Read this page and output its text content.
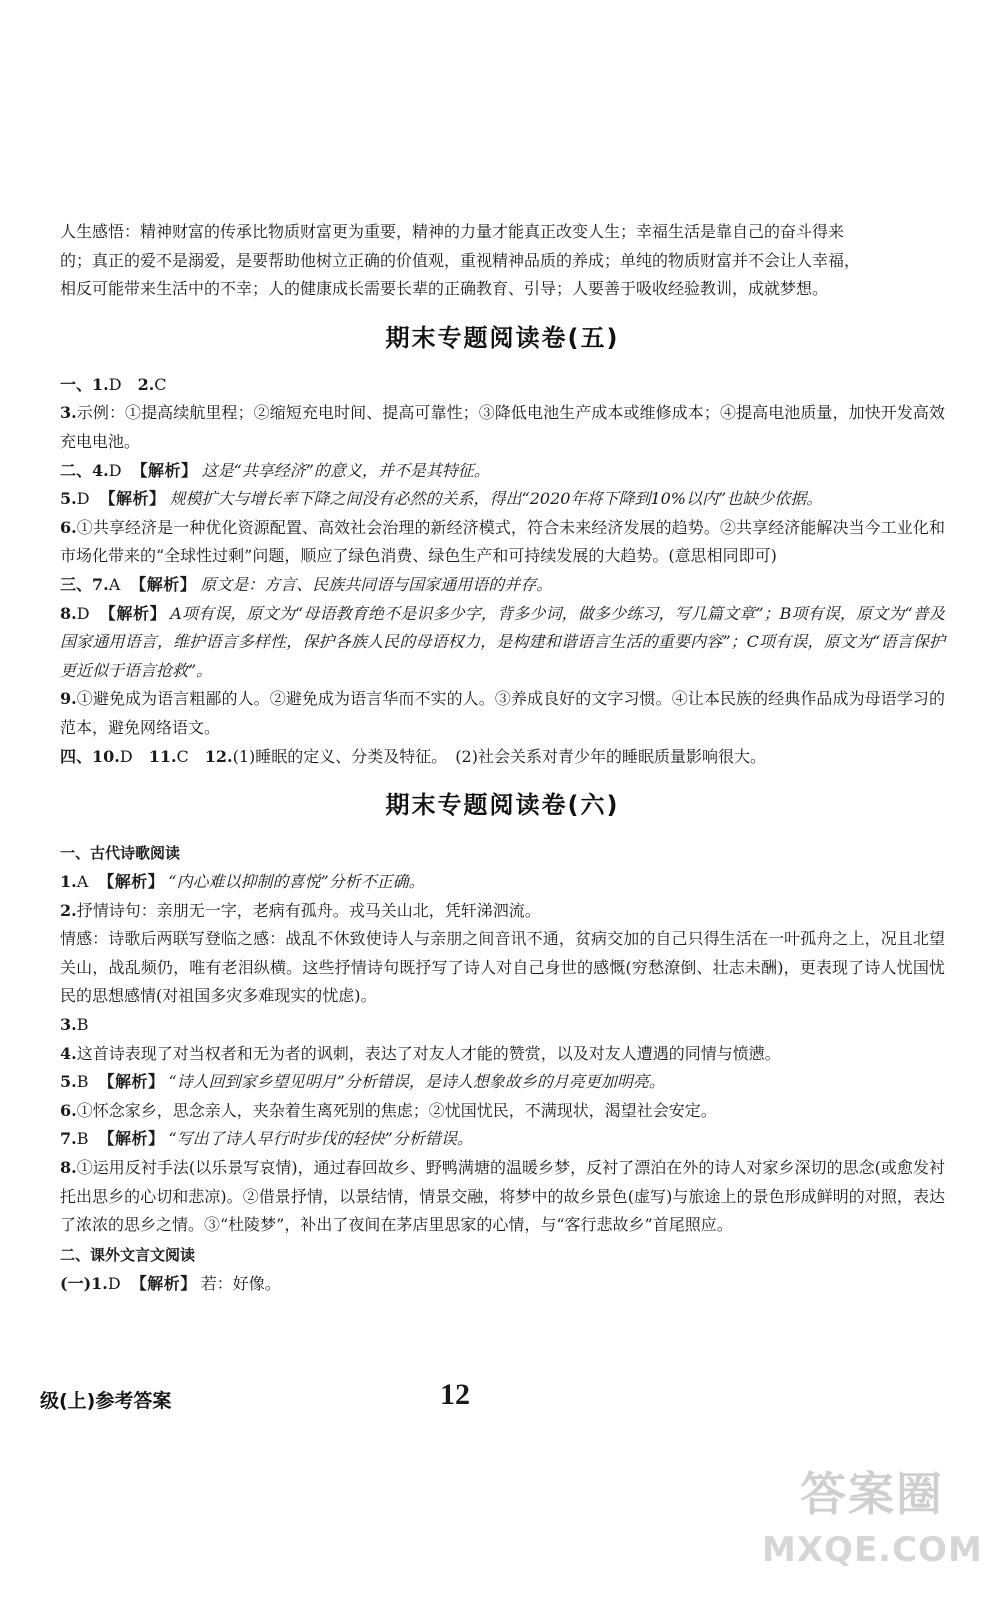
人生感悟：精神财富的传承比物质财富更为重要，精神的力量才能真正改变人生；幸福生活是靠自己的奋斗得来

的；真正的爱不是溺爱，是要帮助他树立正确的价值观，重视精神品质的养成；单纯的物质财富并不会让人幸福，

相反可能带来生活中的不幸；人的健康成长需要长辈的正确教育、引导；人要善于吸收经验教训，成就梦想。

期末专题阅读卷(五)

一、1.D　2.C

3.示例：①提高续航里程；②缩短充电时间、提高可靠性；③降低电池生产成本或维修成本；④提高电池质量，加快开发高效充电电池。

二、4.D 【解析】 这是“共享经济”的意义，并不是其特征。

5.D 【解析】 规模扩大与增长率下降之间没有必然的关系，得出“2020年将下降到10%以内”也缺少依据。

6.①共享经济是一种优化资源配置、高效社会治理的新经济模式，符合未来经济发展的趋势。②共享经济能解决当今工业化和市场化带来的“全球性过剩”问题，顺应了绿色消费、绿色生产和可持续发展的大趋势。(意思相同即可)

三、7.A 【解析】 原文是：方言、民族共同语与国家通用语的并存。

8.D 【解析】 A项有误，原文为“母语教育绝不是识多少字，背多少词，做多少练习，写几篇文章”；B项有误，原文为“普及国家通用语言，维护语言多样性，保护各族人民的母语权力，是构建和谐语言生活的重要内容”；C项有误，原文为“语言保护更近似于语言抢救”。

9.①避免成为语言粗鄙的人。②避免成为语言华而不实的人。③养成良好的文字习惯。④让本民族的经典作品成为母语学习的范本，避免网络语文。

四、10.D　11.C　12.(1)睡眠的定义、分类及特征。　(2)社会关系对青少年的睡眠质量影响很大。

期末专题阅读卷(六)

一、古代诗歌阅读

1.A 【解析】 “内心难以抑制的喜悦”分析不正确。

2.抒情诗句：亲朋无一字，老病有孤舟。戎马关山北，凭轩涕泗流。

情感：诗歌后两联写登临之感：战乱不休致使诗人与亲朋之间音讯不通，贫病交加的自己只得生活在一叶孤舟之上，况且北望关山，战乱频仍，唯有老泪纵横。这些抒情诗句既抒写了诗人对自己身世的感慨(穷愁潦倒、壮志未酬)，更表现了诗人忧国忧民的思想感情(对祖国多灾多难现实的忧虑)。

3.B

4.这首诗表现了对当权者和无为者的讽刺，表达了对友人才能的赞赏，以及对友人遭遇的同情与愤懑。

5.B 【解析】 “诗人回到家乡望见明月”分析错误，是诗人想象故乡的月亮更加明亮。

6.①怀念家乡，思念亲人，夹杂着生离死别的焦虑；②忧国忧民，不满现状，渴望社会安定。

7.B 【解析】 “写出了诗人早行时步伐的轻快”分析错误。

8.①运用反衬手法(以乐景写哀情)，通过春回故乡、野鸭满塘的温暖乡梦，反衬了漂泊在外的诗人对家乡深切的思念(或愈发衬托出思乡的心切和悲凉)。②借景抒情，以景结情，情景交融，将梦中的故乡景色(虚写)与旅途上的景色形成鲜明的对照，表达了浓浓的思乡之情。③“杜陵梦”，补出了夜间在茅店里思家的心情，与“客行悲故乡”首尾照应。

二、课外文言文阅读

(一)1.D 【解析】 若：好像。

级(上)参考答案	12
答案圈
MXQE.COM
